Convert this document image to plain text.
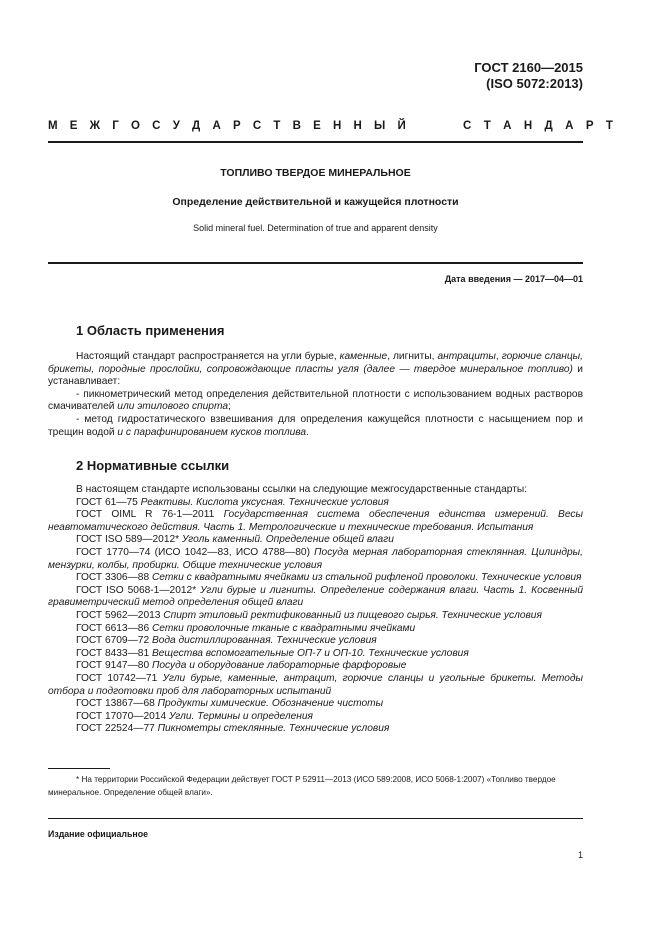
ГОСТ 2160—2015
(ISO 5072:2013)
М Е Ж Г О С У Д А Р С Т В Е Н Н Ы Й	С Т А Н Д А Р Т
ТОПЛИВО ТВЕРДОЕ МИНЕРАЛЬНОЕ
Определение действительной и кажущейся плотности
Solid mineral fuel. Determination of true and apparent density
Дата введения — 2017—04—01
1 Область применения

Настоящий стандарт распространяется на угли бурые, каменные, лигниты, антрациты, горючие сланцы, брикеты, породные прослойки, сопровождающие пласты угля (далее — твердое минеральное топливо) и устанавливает:

- пикнометрический метод определения действительной плотности с использованием водных растворов смачивателей или этилового спирта;

- метод гидростатического взвешивания для определения кажущейся плотности с насыщением пор и трещин водой и с парафинированием кусков топлива.

2 Нормативные ссылки

В настоящем стандарте использованы ссылки на следующие межгосударственные стандарты:

ГОСТ 61—75 Реактивы. Кислота уксусная. Технические условия

ГОСТ OIML R 76-1—2011 Государственная система обеспечения единства измерений. Весы неавтоматического действия. Часть 1. Метрологические и технические требования. Испытания

ГОСТ ISO 589—2012* Уголь каменный. Определение общей влаги

ГОСТ 1770—74 (ИСО 1042—83, ИСО 4788—80) Посуда мерная лабораторная стеклянная. Цилиндры, мензурки, колбы, пробирки. Общие технические условия

ГОСТ 3306—88 Сетки с квадратными ячейками из стальной рифленой проволоки. Технические условия

ГОСТ ISO 5068-1—2012* Угли бурые и лигниты. Определение содержания влаги. Часть 1. Косвенный гравиметрический метод определения общей влаги

ГОСТ 5962—2013 Спирт этиловый ректификованный из пищевого сырья. Технические условия

ГОСТ 6613—86 Сетки проволочные тканые с квадратными ячейками

ГОСТ 6709—72 Вода дистиллированная. Технические условия

ГОСТ 8433—81 Вещества вспомогательные ОП-7 и ОП-10. Технические условия

ГОСТ 9147—80 Посуда и оборудование лабораторные фарфоровые

ГОСТ 10742—71 Угли бурые, каменные, антрацит, горючие сланцы и угольные брикеты. Методы отбора и подготовки проб для лабораторных испытаний

ГОСТ 13867—68 Продукты химические. Обозначение чистоты

ГОСТ 17070—2014 Угли. Термины и определения

ГОСТ 22524—77 Пикнометры стеклянные. Технические условия

* На территории Российской Федерации действует ГОСТ Р 52911—2013 (ИСО 589:2008, ИСО 5068-1:2007) «Топливо твердое минеральное. Определение общей влаги».

Издание официальное
1
